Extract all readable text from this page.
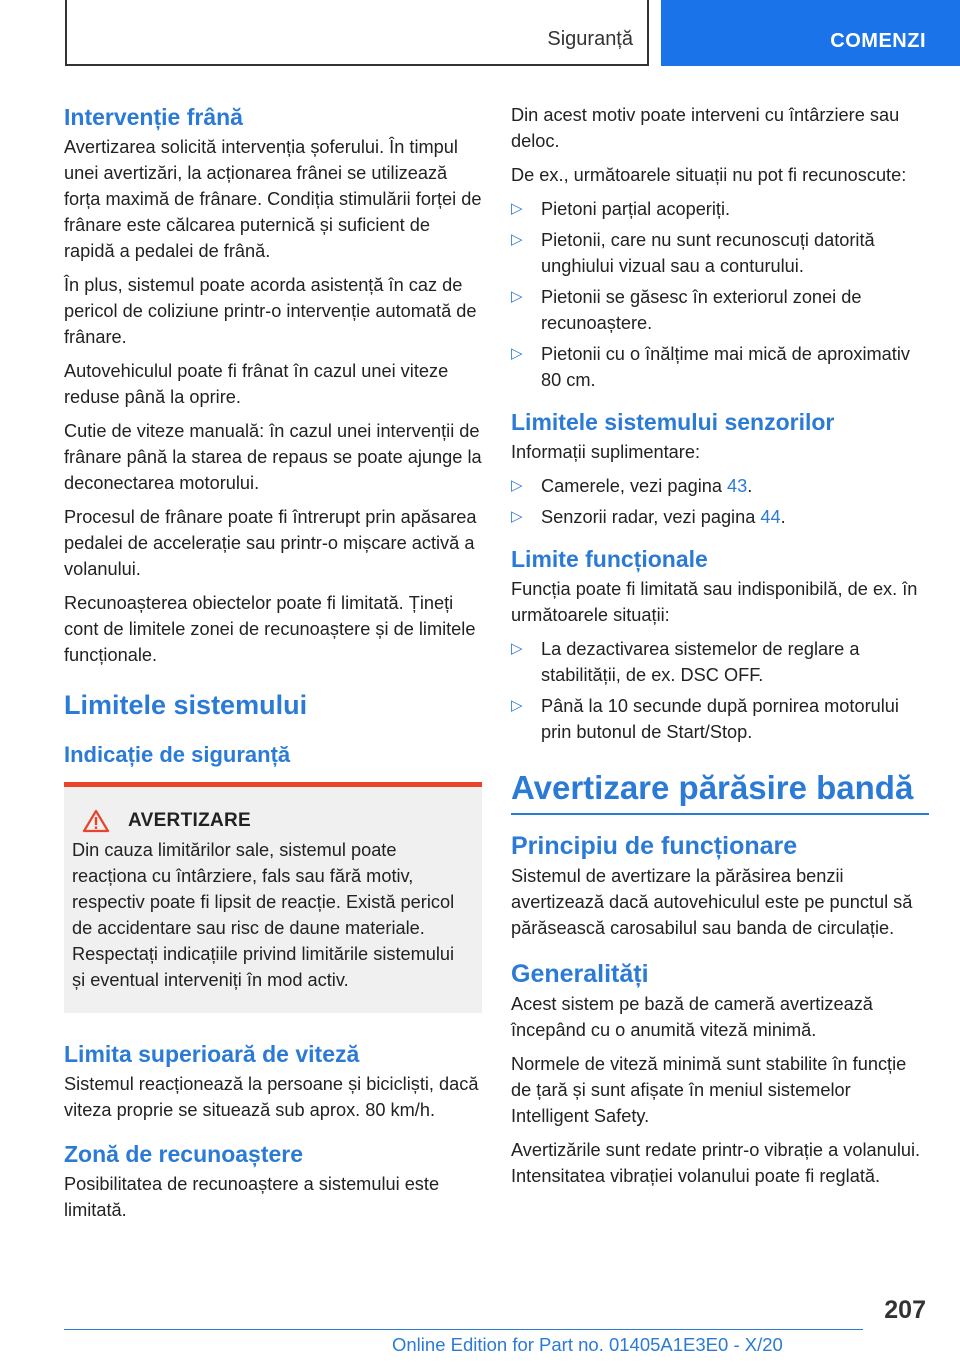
Siguranță	COMENZI
Intervenție frână

Avertizarea solicită intervenția șoferului. În timpul unei avertizări, la acționarea frânei se utilizează forța maximă de frânare. Condiția stimulării forței de frânare este călcarea puternică și suficient de rapidă a pedalei de frână.

În plus, sistemul poate acorda asistență în caz de pericol de coliziune printr-o intervenție automată de frânare.

Autovehiculul poate fi frânat în cazul unei viteze reduse până la oprire.

Cutie de viteze manuală: în cazul unei intervenții de frânare până la starea de repaus se poate ajunge la deconectarea motorului.

Procesul de frânare poate fi întrerupt prin apăsarea pedalei de accelerație sau printr-o mișcare activă a volanului.

Recunoașterea obiectelor poate fi limitată. Țineți cont de limitele zonei de recunoaștere și de limitele funcționale.

Limitele sistemului
Indicație de siguranță
AVERTIZARE

Din cauza limitărilor sale, sistemul poate reacționa cu întârziere, fals sau fără motiv, respectiv poate fi lipsit de reacție. Există pericol de accidentare sau risc de daune materiale. Respectați indicațiile privind limitările sistemului și eventual interveniți în mod activ.

Limita superioară de viteză

Sistemul reacționează la persoane și bicicliști, dacă viteza proprie se situează sub aprox. 80 km/h.

Zonă de recunoaștere

Posibilitatea de recunoaștere a sistemului este limitată.

Din acest motiv poate interveni cu întârziere sau deloc.

De ex., următoarele situații nu pot fi recunoscute:

▷ Pietoni parțial acoperiți.
▷ Pietonii, care nu sunt recunoscuți datorită unghiului vizual sau a conturului.
▷ Pietonii se găsesc în exteriorul zonei de recunoaștere.
▷ Pietonii cu o înălțime mai mică de aproximativ 80 cm.
Limitele sistemului senzorilor

Informații suplimentare:

▷ Camerele, vezi pagina 43.
▷ Senzorii radar, vezi pagina 44.
Limite funcționale

Funcția poate fi limitată sau indisponibilă, de ex. în următoarele situații:

▷ La dezactivarea sistemelor de reglare a stabilității, de ex. DSC OFF.
▷ Până la 10 secunde după pornirea motorului prin butonul de Start/Stop.
Avertizare părăsire bandă
Principiu de funcționare

Sistemul de avertizare la părăsirea benzii avertizează dacă autovehiculul este pe punctul să părăsească carosabilul sau banda de circulație.

Generalități

Acest sistem pe bază de cameră avertizează începând cu o anumită viteză minimă.

Normele de viteză minimă sunt stabilite în funcție de țară și sunt afișate în meniul sistemelor Intelligent Safety.

Avertizările sunt redate printr-o vibrație a volanului. Intensitatea vibrației volanului poate fi reglată.

207
Online Edition for Part no. 01405A1E3E0 - X/20
